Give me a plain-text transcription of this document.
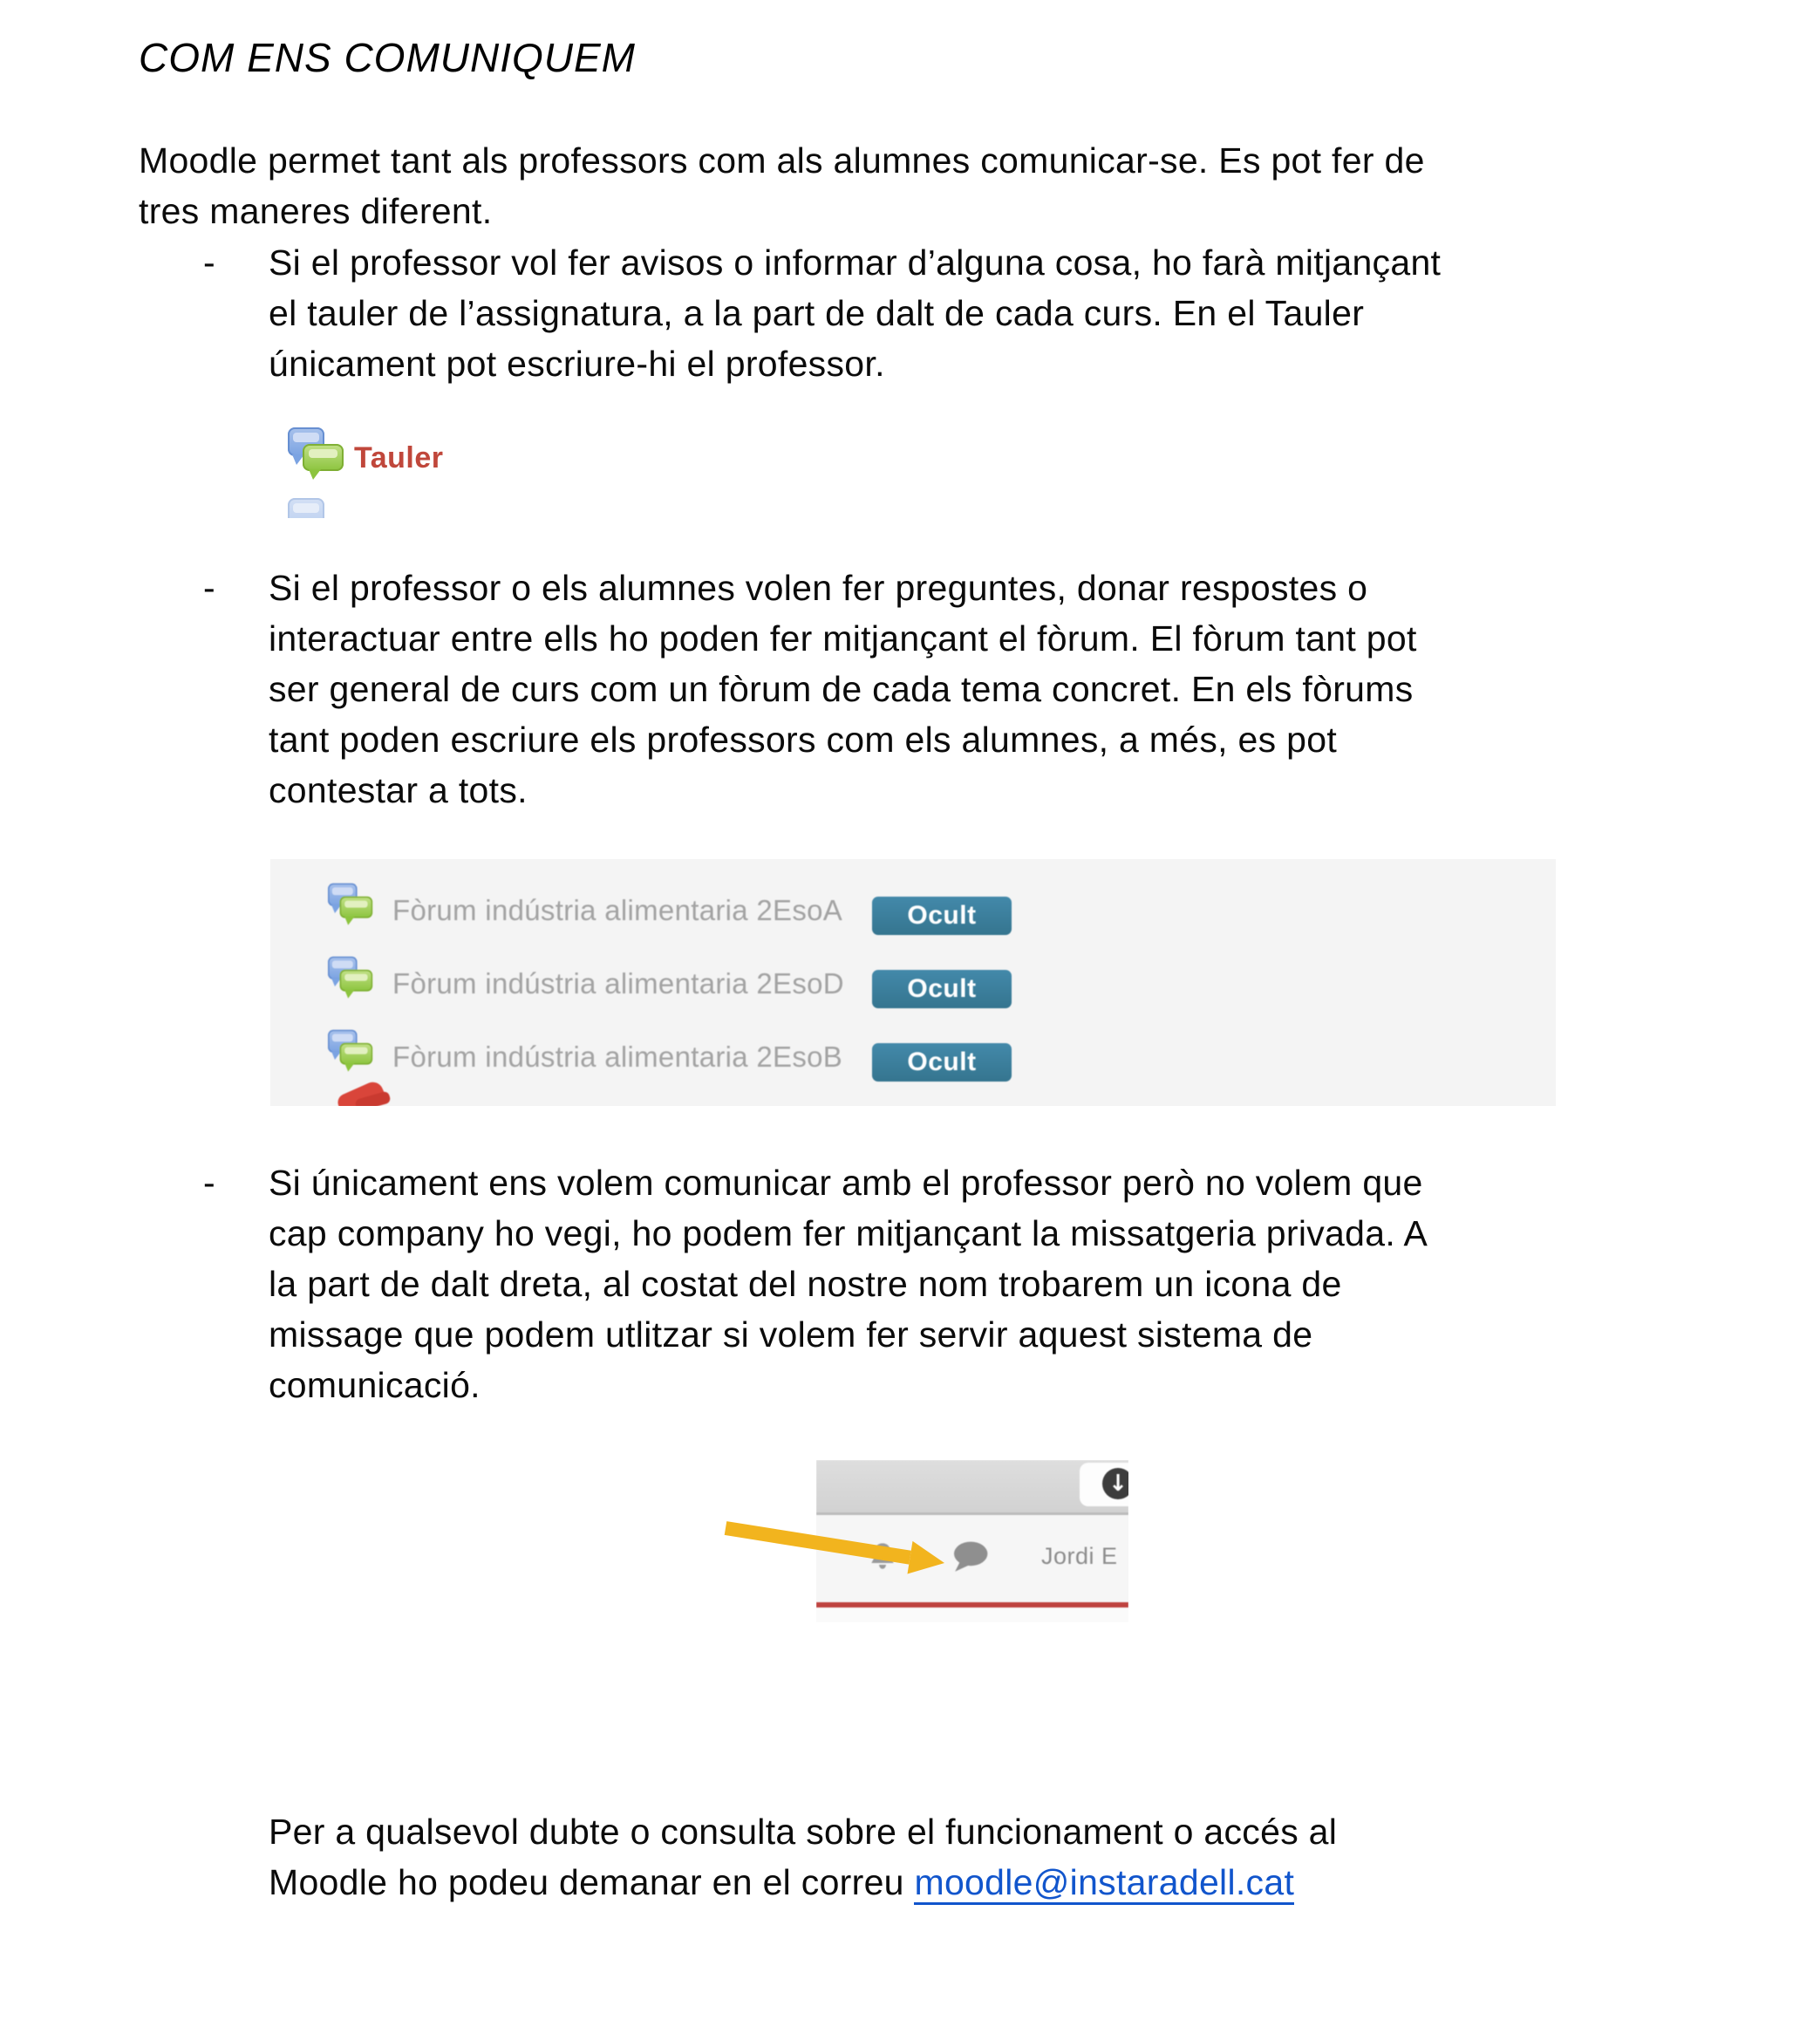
COM ENS COMUNIQUEM
Moodle permet tant als professors com als alumnes comunicar-se. Es pot fer de
tres maneres diferent.
- Si el professor vol fer avisos o informar d’alguna cosa, ho farà mitjançant
el tauler de l’assignatura, a la part de dalt de cada curs. En el Tauler
únicament pot escriure-hi el professor.
Tauler
- Si el professor o els alumnes volen fer preguntes, donar respostes o
interactuar entre ells ho poden fer mitjançant el fòrum. El fòrum tant pot
ser general de curs com un fòrum de cada tema concret. En els fòrums
tant poden escriure els professors com els alumnes, a més, es pot
contestar a tots.
Fòrum indústria alimentaria 2EsoA	Ocult
Fòrum indústria alimentaria 2EsoD	Ocult
Fòrum indústria alimentaria 2EsoB	Ocult
- Si únicament ens volem comunicar amb el professor però no volem que
cap company ho vegi, ho podem fer mitjançant la missatgeria privada. A
la part de dalt dreta, al costat del nostre nom trobarem un icona de
missage que podem utlitzar si volem fer servir aquest sistema de
comunicació.
↓
Jordi E
Per a qualsevol dubte o consulta sobre el funcionament o accés al
Moodle ho podeu demanar en el correu moodle@instaradell.cat
